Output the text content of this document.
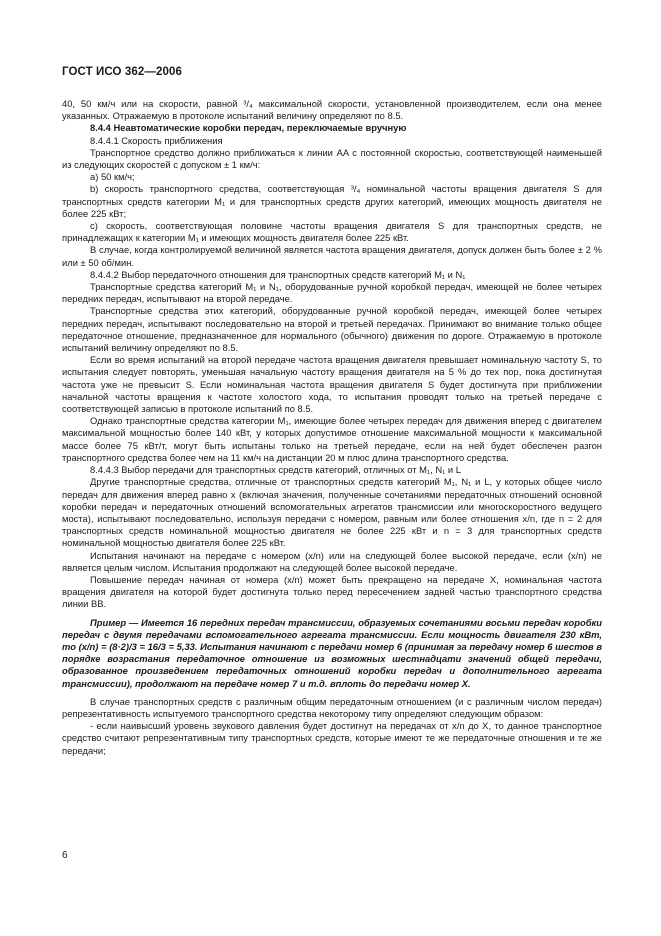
ГОСТ ИСО 362—2006

40, 50 км/ч или на скорости, равной ³/₄ максимальной скорости, установленной производителем, если она менее указанных. Отражаемую в протоколе испытаний величину определяют по 8.5.

8.4.4 Неавтоматические коробки передач, переключаемые вручную

8.4.4.1 Скорость приближения

Транспортное средство должно приближаться к линии AA с постоянной скоростью, соответствующей наименьшей из следующих скоростей с допуском ± 1 км/ч:

а) 50 км/ч;

b) скорость транспортного средства, соответствующая ³/₄ номинальной частоты вращения двигателя S для транспортных средств категории M₁ и для транспортных средств других категорий, имеющих мощность двигателя не более 225 кВт;

с) скорость, соответствующая половине частоты вращения двигателя S для транспортных средств, не принадлежащих к категории M₁ и имеющих мощность двигателя более 225 кВт.

В случае, когда контролируемой величиной является частота вращения двигателя, допуск должен быть более ± 2 % или ± 50 об/мин.

8.4.4.2 Выбор передаточного отношения для транспортных средств категорий M₁ и N₁

Транспортные средства категорий M₁ и N₁, оборудованные ручной коробкой передач, имеющей не более четырех передних передач, испытывают на второй передаче.

Транспортные средства этих категорий, оборудованные ручной коробкой передач, имеющей более четырех передних передач, испытывают последовательно на второй и третьей передачах. Принимают во внимание только общее передаточное отношение, предназначенное для нормального (обычного) движения по дороге. Отражаемую в протоколе испытаний величину определяют по 8.5.

Если во время испытаний на второй передаче частота вращения двигателя превышает номинальную частоту S, то испытания следует повторять, уменьшая начальную частоту вращения двигателя на 5 % до тех пор, пока достигнутая частота уже не превысит S. Если номинальная частота вращения двигателя S будет достигнута при приближении начальной частоты вращения к частоте холостого хода, то испытания проводят только на третьей передаче с соответствующей записью в протоколе испытаний по 8.5.

Однако транспортные средства категории M₁, имеющие более четырех передач для движения вперед с двигателем максимальной мощностью более 140 кВт, у которых допустимое отношение максимальной мощности к максимальной массе более 75 кВт/т, могут быть испытаны только на третьей передаче, если на ней будет обеспечен разгон транспортного средства более чем на 11 км/ч на дистанции 20 м плюс длина транспортного средства.

8.4.4.3 Выбор передачи для транспортных средств категорий, отличных от M₁, N₁ и L

Другие транспортные средства, отличные от транспортных средств категорий M₁, N₁ и L, у которых общее число передач для движения вперед равно x (включая значения, полученные сочетаниями передаточных отношений основной коробки передач и передаточных отношений вспомогательных агрегатов трансмиссии или многоскоростного ведущего моста), испытывают последовательно, используя передачи с номером, равным или более отношения x/n, где n = 2 для транспортных средств номинальной мощностью двигателя не более 225 кВт и n = 3 для транспортных средств номинальной мощностью двигателя более 225 кВт.

Испытания начинают на передаче с номером (x/n) или на следующей более высокой передаче, если (x/n) не является целым числом. Испытания продолжают на следующей более высокой передаче.

Повышение передач начиная от номера (x/n) может быть прекращено на передаче X, номинальная частота вращения двигателя на которой будет достигнута только перед пересечением задней частью транспортного средства линии BB.

Пример — Имеется 16 передних передач трансмиссии, образуемых сочетаниями восьми передач коробки передач с двумя передачами вспомогательного агрегата трансмиссии. Если мощность двигателя 230 кВт, то (x/n) = (8·2)/3 = 16/3 = 5,33. Испытания начинают с передачи номер 6 (принимая за передачу номер 6 шестов в порядке возрастания передаточное отношение из возможных шестнадцати значений общей передачи, образованное произведением передаточных отношений коробки передач и дополнительного агрегата трансмиссии), продолжают на передаче номер 7 и т.д. вплоть до передачи номер X.

В случае транспортных средств с различным общим передаточным отношением (и с различным числом передач) репрезентативность испытуемого транспортного средства некоторому типу определяют следующим образом:

- если наивысший уровень звукового давления будет достигнут на передачах от x/n до X, то данное транспортное средство считают репрезентативным типу транспортных средств, которые имеют те же передаточные отношения и те же передачи;

6
